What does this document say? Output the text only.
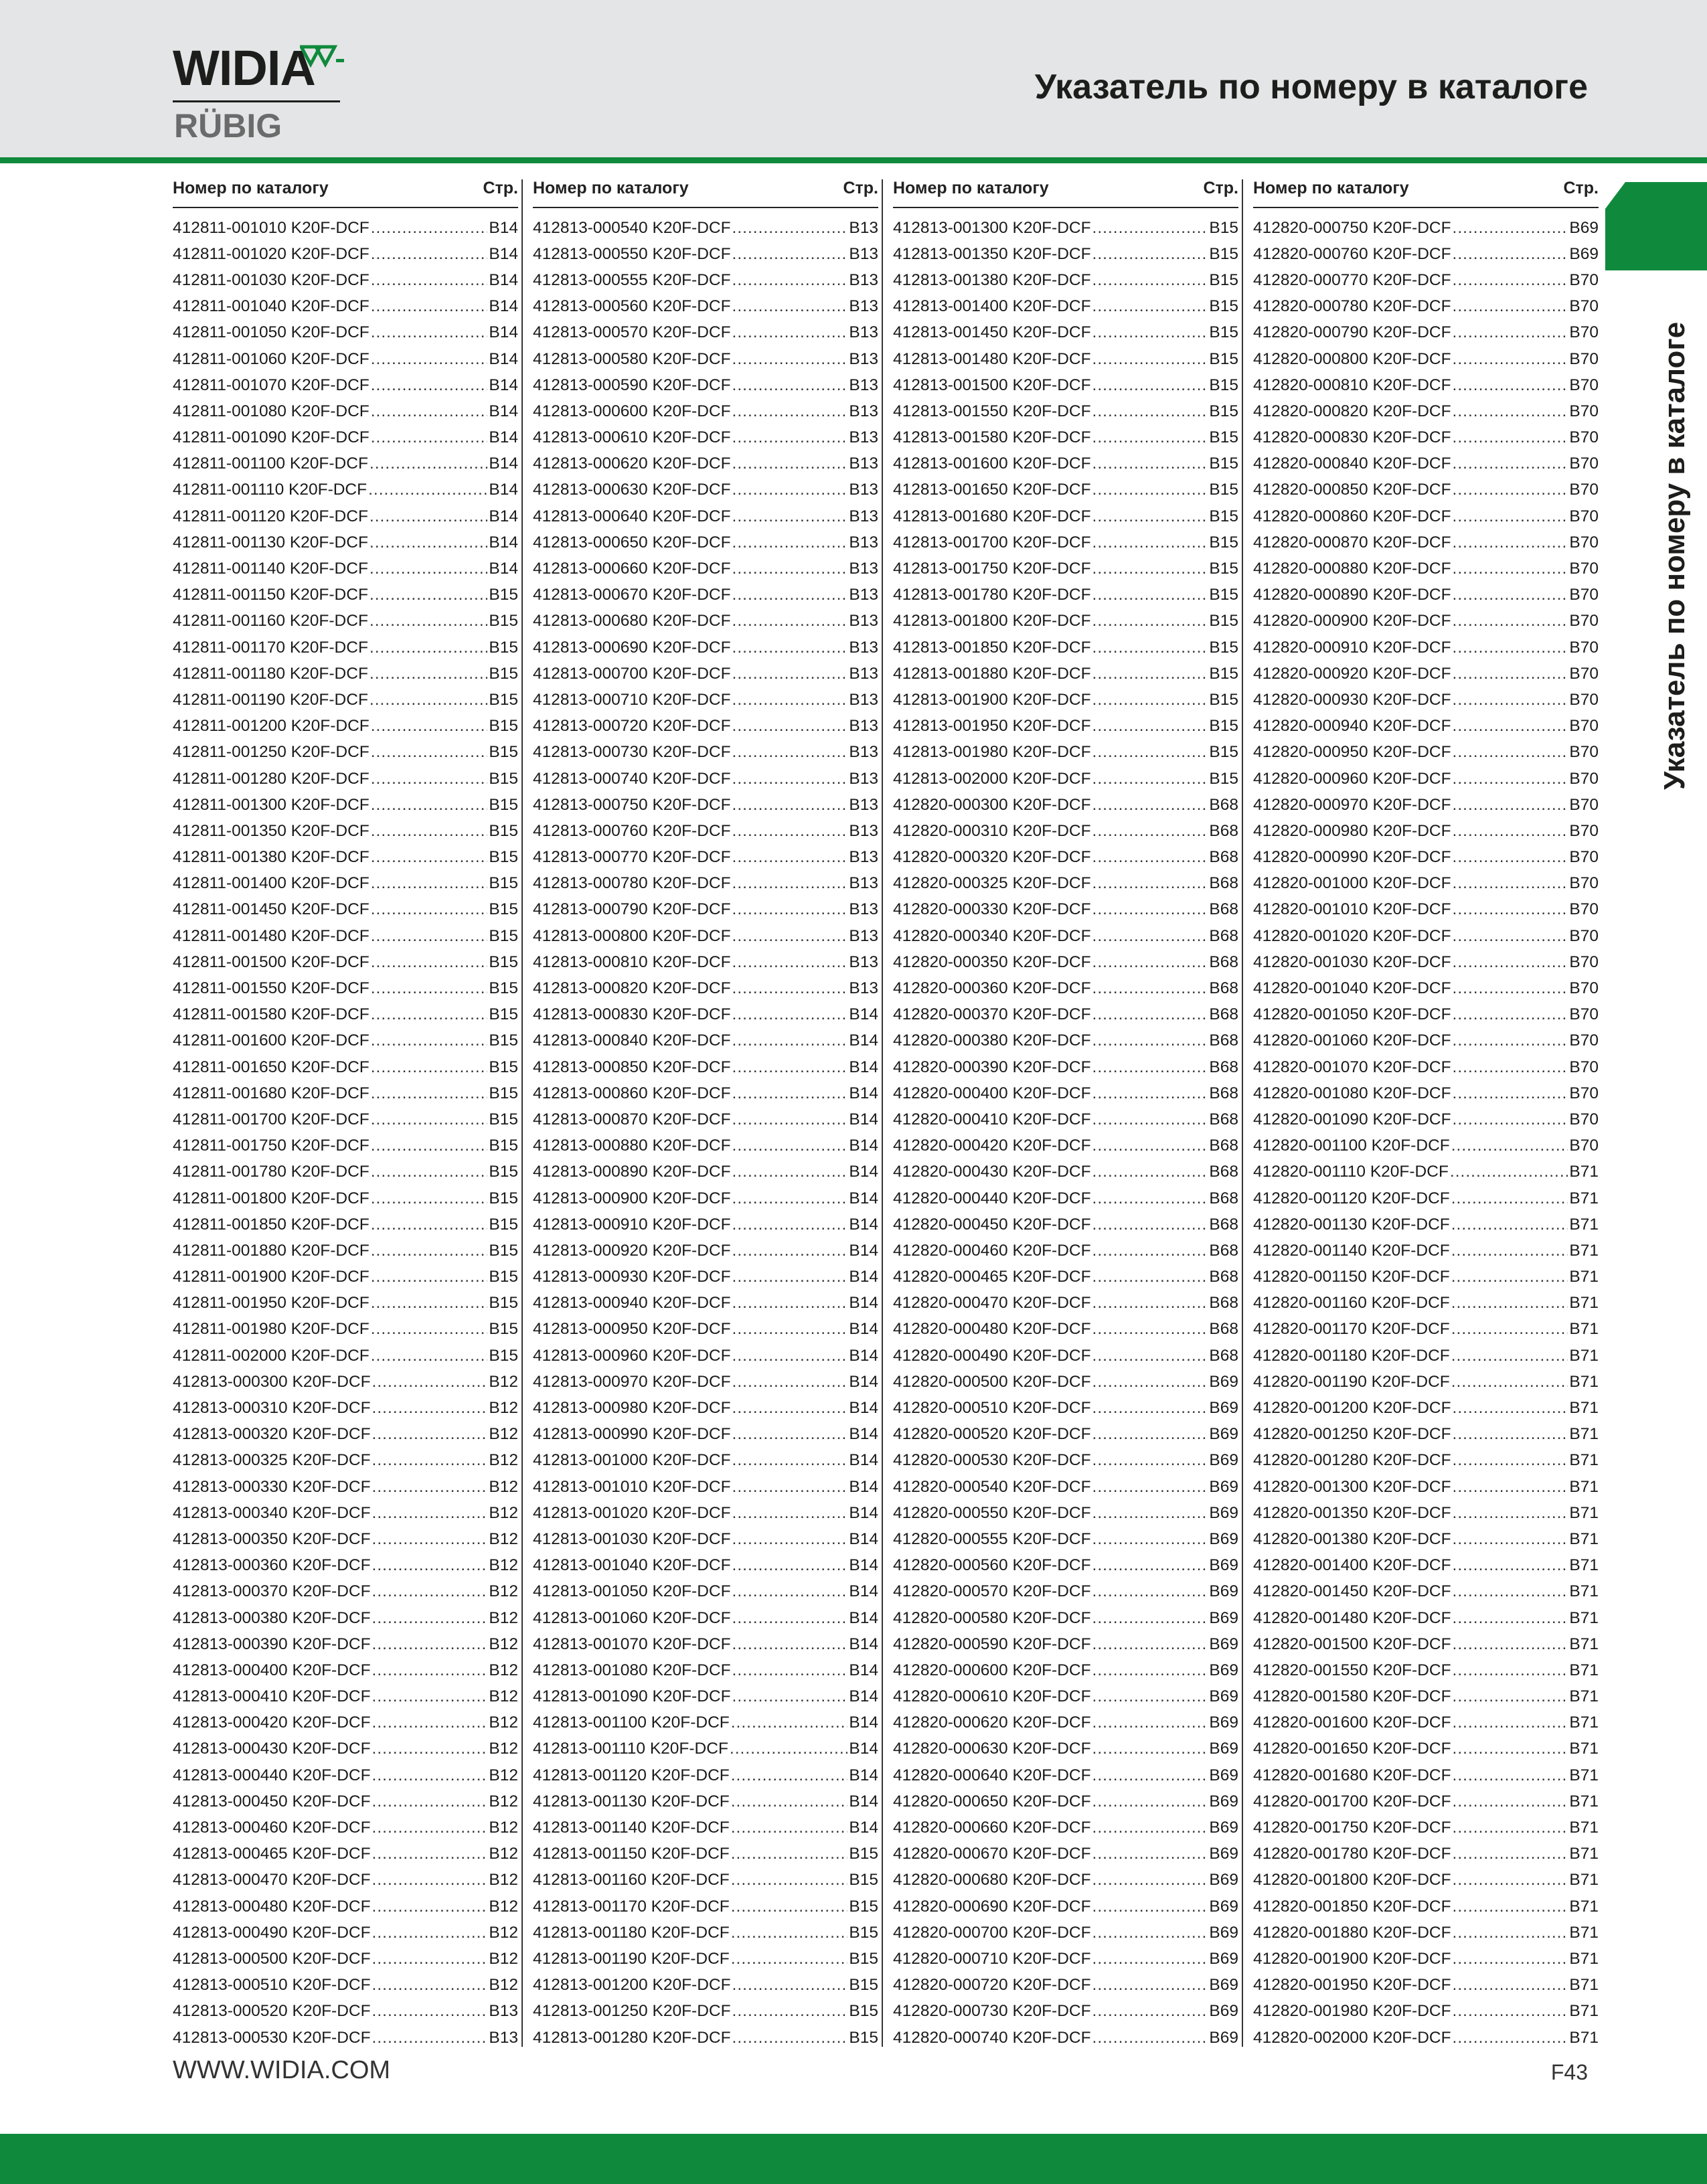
WIDIA
RÜBIG
Указатель по номеру в каталоге
Номер по каталогу	Стр.
412811-001010 K20F-DCF .....	B14
412811-001020 K20F-DCF .....	B14
412811-001030 K20F-DCF .....	B14
412811-001040 K20F-DCF .....	B14
412811-001050 K20F-DCF .....	B14
412811-001060 K20F-DCF .....	B14
412811-001070 K20F-DCF .....	B14
412811-001080 K20F-DCF .....	B14
412811-001090 K20F-DCF .....	B14
412811-001100 K20F-DCF .....	B14
412811-001110 K20F-DCF .....	B14
412811-001120 K20F-DCF .....	B14
412811-001130 K20F-DCF .....	B14
412811-001140 K20F-DCF .....	B14
412811-001150 K20F-DCF .....	B15
412811-001160 K20F-DCF .....	B15
412811-001170 K20F-DCF .....	B15
412811-001180 K20F-DCF .....	B15
412811-001190 K20F-DCF .....	B15
412811-001200 K20F-DCF .....	B15
412811-001250 K20F-DCF .....	B15
412811-001280 K20F-DCF .....	B15
412811-001300 K20F-DCF .....	B15
412811-001350 K20F-DCF .....	B15
412811-001380 K20F-DCF .....	B15
412811-001400 K20F-DCF .....	B15
412811-001450 K20F-DCF .....	B15
412811-001480 K20F-DCF .....	B15
412811-001500 K20F-DCF .....	B15
412811-001550 K20F-DCF .....	B15
412811-001580 K20F-DCF .....	B15
412811-001600 K20F-DCF .....	B15
412811-001650 K20F-DCF .....	B15
412811-001680 K20F-DCF .....	B15
412811-001700 K20F-DCF .....	B15
412811-001750 K20F-DCF .....	B15
412811-001780 K20F-DCF .....	B15
412811-001800 K20F-DCF .....	B15
412811-001850 K20F-DCF .....	B15
412811-001880 K20F-DCF .....	B15
412811-001900 K20F-DCF .....	B15
412811-001950 K20F-DCF .....	B15
412811-001980 K20F-DCF .....	B15
412811-002000 K20F-DCF .....	B15
412813-000300 K20F-DCF .....	B12
412813-000310 K20F-DCF .....	B12
412813-000320 K20F-DCF .....	B12
412813-000325 K20F-DCF .....	B12
412813-000330 K20F-DCF .....	B12
412813-000340 K20F-DCF .....	B12
412813-000350 K20F-DCF .....	B12
412813-000360 K20F-DCF .....	B12
412813-000370 K20F-DCF .....	B12
412813-000380 K20F-DCF .....	B12
412813-000390 K20F-DCF .....	B12
412813-000400 K20F-DCF .....	B12
412813-000410 K20F-DCF .....	B12
412813-000420 K20F-DCF .....	B12
412813-000430 K20F-DCF .....	B12
412813-000440 K20F-DCF .....	B12
412813-000450 K20F-DCF .....	B12
412813-000460 K20F-DCF .....	B12
412813-000465 K20F-DCF .....	B12
412813-000470 K20F-DCF .....	B12
412813-000480 K20F-DCF .....	B12
412813-000490 K20F-DCF .....	B12
412813-000500 K20F-DCF .....	B12
412813-000510 K20F-DCF .....	B12
412813-000520 K20F-DCF .....	B13
412813-000530 K20F-DCF .....	B13
Номер по каталогу	Стр.
412813-000540 K20F-DCF .....	B13
412813-000550 K20F-DCF .....	B13
412813-000555 K20F-DCF .....	B13
412813-000560 K20F-DCF .....	B13
412813-000570 K20F-DCF .....	B13
412813-000580 K20F-DCF .....	B13
412813-000590 K20F-DCF .....	B13
412813-000600 K20F-DCF .....	B13
412813-000610 K20F-DCF .....	B13
412813-000620 K20F-DCF .....	B13
412813-000630 K20F-DCF .....	B13
412813-000640 K20F-DCF .....	B13
412813-000650 K20F-DCF .....	B13
412813-000660 K20F-DCF .....	B13
412813-000670 K20F-DCF .....	B13
412813-000680 K20F-DCF .....	B13
412813-000690 K20F-DCF .....	B13
412813-000700 K20F-DCF .....	B13
412813-000710 K20F-DCF .....	B13
412813-000720 K20F-DCF .....	B13
412813-000730 K20F-DCF .....	B13
412813-000740 K20F-DCF .....	B13
412813-000750 K20F-DCF .....	B13
412813-000760 K20F-DCF .....	B13
412813-000770 K20F-DCF .....	B13
412813-000780 K20F-DCF .....	B13
412813-000790 K20F-DCF .....	B13
412813-000800 K20F-DCF .....	B13
412813-000810 K20F-DCF .....	B13
412813-000820 K20F-DCF .....	B13
412813-000830 K20F-DCF .....	B14
412813-000840 K20F-DCF .....	B14
412813-000850 K20F-DCF .....	B14
412813-000860 K20F-DCF .....	B14
412813-000870 K20F-DCF .....	B14
412813-000880 K20F-DCF .....	B14
412813-000890 K20F-DCF .....	B14
412813-000900 K20F-DCF .....	B14
412813-000910 K20F-DCF .....	B14
412813-000920 K20F-DCF .....	B14
412813-000930 K20F-DCF .....	B14
412813-000940 K20F-DCF .....	B14
412813-000950 K20F-DCF .....	B14
412813-000960 K20F-DCF .....	B14
412813-000970 K20F-DCF .....	B14
412813-000980 K20F-DCF .....	B14
412813-000990 K20F-DCF .....	B14
412813-001000 K20F-DCF .....	B14
412813-001010 K20F-DCF .....	B14
412813-001020 K20F-DCF .....	B14
412813-001030 K20F-DCF .....	B14
412813-001040 K20F-DCF .....	B14
412813-001050 K20F-DCF .....	B14
412813-001060 K20F-DCF .....	B14
412813-001070 K20F-DCF .....	B14
412813-001080 K20F-DCF .....	B14
412813-001090 K20F-DCF .....	B14
412813-001100 K20F-DCF .....	B14
412813-001110 K20F-DCF .....	B14
412813-001120 K20F-DCF .....	B14
412813-001130 K20F-DCF .....	B14
412813-001140 K20F-DCF .....	B14
412813-001150 K20F-DCF .....	B15
412813-001160 K20F-DCF .....	B15
412813-001170 K20F-DCF .....	B15
412813-001180 K20F-DCF .....	B15
412813-001190 K20F-DCF .....	B15
412813-001200 K20F-DCF .....	B15
412813-001250 K20F-DCF .....	B15
412813-001280 K20F-DCF .....	B15
Номер по каталогу	Стр.
412813-001300 K20F-DCF .....	B15
412813-001350 K20F-DCF .....	B15
412813-001380 K20F-DCF .....	B15
412813-001400 K20F-DCF .....	B15
412813-001450 K20F-DCF .....	B15
412813-001480 K20F-DCF .....	B15
412813-001500 K20F-DCF .....	B15
412813-001550 K20F-DCF .....	B15
412813-001580 K20F-DCF .....	B15
412813-001600 K20F-DCF .....	B15
412813-001650 K20F-DCF .....	B15
412813-001680 K20F-DCF .....	B15
412813-001700 K20F-DCF .....	B15
412813-001750 K20F-DCF .....	B15
412813-001780 K20F-DCF .....	B15
412813-001800 K20F-DCF .....	B15
412813-001850 K20F-DCF .....	B15
412813-001880 K20F-DCF .....	B15
412813-001900 K20F-DCF .....	B15
412813-001950 K20F-DCF .....	B15
412813-001980 K20F-DCF .....	B15
412813-002000 K20F-DCF .....	B15
412820-000300 K20F-DCF .....	B68
412820-000310 K20F-DCF .....	B68
412820-000320 K20F-DCF .....	B68
412820-000325 K20F-DCF .....	B68
412820-000330 K20F-DCF .....	B68
412820-000340 K20F-DCF .....	B68
412820-000350 K20F-DCF .....	B68
412820-000360 K20F-DCF .....	B68
412820-000370 K20F-DCF .....	B68
412820-000380 K20F-DCF .....	B68
412820-000390 K20F-DCF .....	B68
412820-000400 K20F-DCF .....	B68
412820-000410 K20F-DCF .....	B68
412820-000420 K20F-DCF .....	B68
412820-000430 K20F-DCF .....	B68
412820-000440 K20F-DCF .....	B68
412820-000450 K20F-DCF .....	B68
412820-000460 K20F-DCF .....	B68
412820-000465 K20F-DCF .....	B68
412820-000470 K20F-DCF .....	B68
412820-000480 K20F-DCF .....	B68
412820-000490 K20F-DCF .....	B68
412820-000500 K20F-DCF .....	B69
412820-000510 K20F-DCF .....	B69
412820-000520 K20F-DCF .....	B69
412820-000530 K20F-DCF .....	B69
412820-000540 K20F-DCF .....	B69
412820-000550 K20F-DCF .....	B69
412820-000555 K20F-DCF .....	B69
412820-000560 K20F-DCF .....	B69
412820-000570 K20F-DCF .....	B69
412820-000580 K20F-DCF .....	B69
412820-000590 K20F-DCF .....	B69
412820-000600 K20F-DCF .....	B69
412820-000610 K20F-DCF .....	B69
412820-000620 K20F-DCF .....	B69
412820-000630 K20F-DCF .....	B69
412820-000640 K20F-DCF .....	B69
412820-000650 K20F-DCF .....	B69
412820-000660 K20F-DCF .....	B69
412820-000670 K20F-DCF .....	B69
412820-000680 K20F-DCF .....	B69
412820-000690 K20F-DCF .....	B69
412820-000700 K20F-DCF .....	B69
412820-000710 K20F-DCF .....	B69
412820-000720 K20F-DCF .....	B69
412820-000730 K20F-DCF .....	B69
412820-000740 K20F-DCF .....	B69
Номер по каталогу	Стр.
412820-000750 K20F-DCF .....	B69
412820-000760 K20F-DCF .....	B69
412820-000770 K20F-DCF .....	B70
412820-000780 K20F-DCF .....	B70
412820-000790 K20F-DCF .....	B70
412820-000800 K20F-DCF .....	B70
412820-000810 K20F-DCF .....	B70
412820-000820 K20F-DCF .....	B70
412820-000830 K20F-DCF .....	B70
412820-000840 K20F-DCF .....	B70
412820-000850 K20F-DCF .....	B70
412820-000860 K20F-DCF .....	B70
412820-000870 K20F-DCF .....	B70
412820-000880 K20F-DCF .....	B70
412820-000890 K20F-DCF .....	B70
412820-000900 K20F-DCF .....	B70
412820-000910 K20F-DCF .....	B70
412820-000920 K20F-DCF .....	B70
412820-000930 K20F-DCF .....	B70
412820-000940 K20F-DCF .....	B70
412820-000950 K20F-DCF .....	B70
412820-000960 K20F-DCF .....	B70
412820-000970 K20F-DCF .....	B70
412820-000980 K20F-DCF .....	B70
412820-000990 K20F-DCF .....	B70
412820-001000 K20F-DCF .....	B70
412820-001010 K20F-DCF .....	B70
412820-001020 K20F-DCF .....	B70
412820-001030 K20F-DCF .....	B70
412820-001040 K20F-DCF .....	B70
412820-001050 K20F-DCF .....	B70
412820-001060 K20F-DCF .....	B70
412820-001070 K20F-DCF .....	B70
412820-001080 K20F-DCF .....	B70
412820-001090 K20F-DCF .....	B70
412820-001100 K20F-DCF .....	B70
412820-001110 K20F-DCF .....	B71
412820-001120 K20F-DCF .....	B71
412820-001130 K20F-DCF .....	B71
412820-001140 K20F-DCF .....	B71
412820-001150 K20F-DCF .....	B71
412820-001160 K20F-DCF .....	B71
412820-001170 K20F-DCF .....	B71
412820-001180 K20F-DCF .....	B71
412820-001190 K20F-DCF .....	B71
412820-001200 K20F-DCF .....	B71
412820-001250 K20F-DCF .....	B71
412820-001280 K20F-DCF .....	B71
412820-001300 K20F-DCF .....	B71
412820-001350 K20F-DCF .....	B71
412820-001380 K20F-DCF .....	B71
412820-001400 K20F-DCF .....	B71
412820-001450 K20F-DCF .....	B71
412820-001480 K20F-DCF .....	B71
412820-001500 K20F-DCF .....	B71
412820-001550 K20F-DCF .....	B71
412820-001580 K20F-DCF .....	B71
412820-001600 K20F-DCF .....	B71
412820-001650 K20F-DCF .....	B71
412820-001680 K20F-DCF .....	B71
412820-001700 K20F-DCF .....	B71
412820-001750 K20F-DCF .....	B71
412820-001780 K20F-DCF .....	B71
412820-001800 K20F-DCF .....	B71
412820-001850 K20F-DCF .....	B71
412820-001880 K20F-DCF .....	B71
412820-001900 K20F-DCF .....	B71
412820-001950 K20F-DCF .....	B71
412820-001980 K20F-DCF .....	B71
412820-002000 K20F-DCF .....	B71
Указатель по номеру в каталоге
WWW.WIDIA.COM	F43
